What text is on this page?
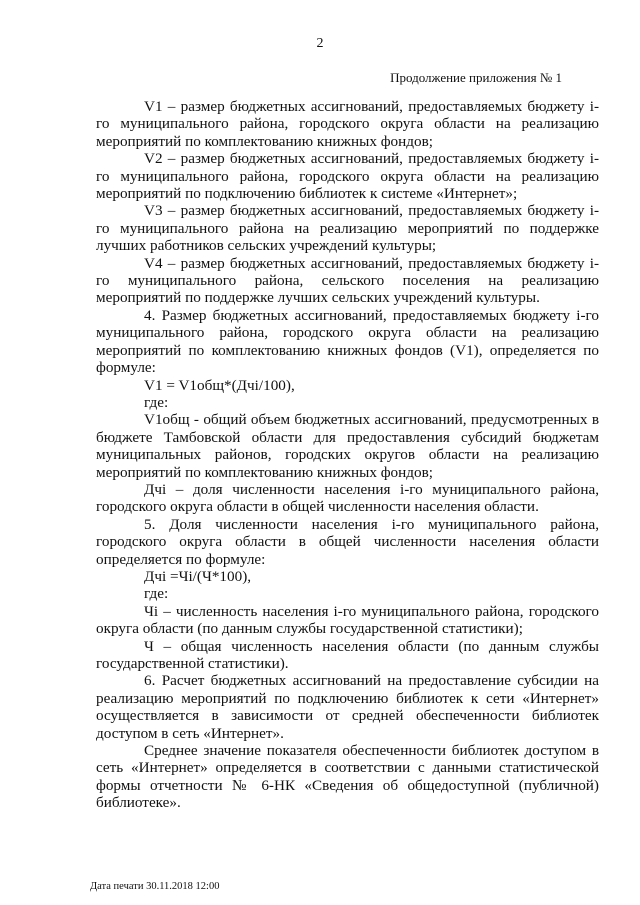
2
Продолжение приложения № 1

V1 – размер бюджетных ассигнований, предоставляемых бюджету i-го муниципального района, городского округа области на реализацию мероприятий по комплектованию книжных фондов;

V2 – размер бюджетных ассигнований, предоставляемых бюджету i-го муниципального района, городского округа области на реализацию мероприятий по подключению библиотек к системе «Интернет»;

V3 – размер бюджетных ассигнований, предоставляемых бюджету i-го муниципального района на реализацию мероприятий по поддержке лучших работников сельских учреждений культуры;

V4 – размер бюджетных ассигнований, предоставляемых бюджету i-го муниципального района, сельского поселения на реализацию мероприятий по поддержке лучших сельских учреждений культуры.

4. Размер бюджетных ассигнований, предоставляемых бюджету i-го муниципального района, городского округа области на реализацию мероприятий по комплектованию книжных фондов (V1), определяется по формуле:

V1 = V1общ*(Дчi/100),

где:

V1общ - общий объем бюджетных ассигнований, предусмотренных в бюджете Тамбовской области для предоставления субсидий бюджетам муниципальных районов, городских округов области на реализацию мероприятий по комплектованию книжных фондов;

Дчi – доля численности населения i-го муниципального района, городского округа области в общей численности населения области.

5. Доля численности населения i-го муниципального района, городского округа области в общей численности населения области определяется по формуле:

Дчi =Чi/(Ч*100),

где:

Чi – численность населения i-го муниципального района, городского округа области (по данным службы государственной статистики);

Ч – общая численность населения области (по данным службы государственной статистики).

6. Расчет бюджетных ассигнований на предоставление субсидии на реализацию мероприятий по подключению библиотек к сети «Интернет» осуществляется в зависимости от средней обеспеченности библиотек доступом в сеть «Интернет».

Среднее значение показателя обеспеченности библиотек доступом в сеть «Интернет» определяется в соответствии с данными статистической формы отчетности № 6-НК «Сведения об общедоступной (публичной) библиотеке».

Дата печати 30.11.2018 12:00
